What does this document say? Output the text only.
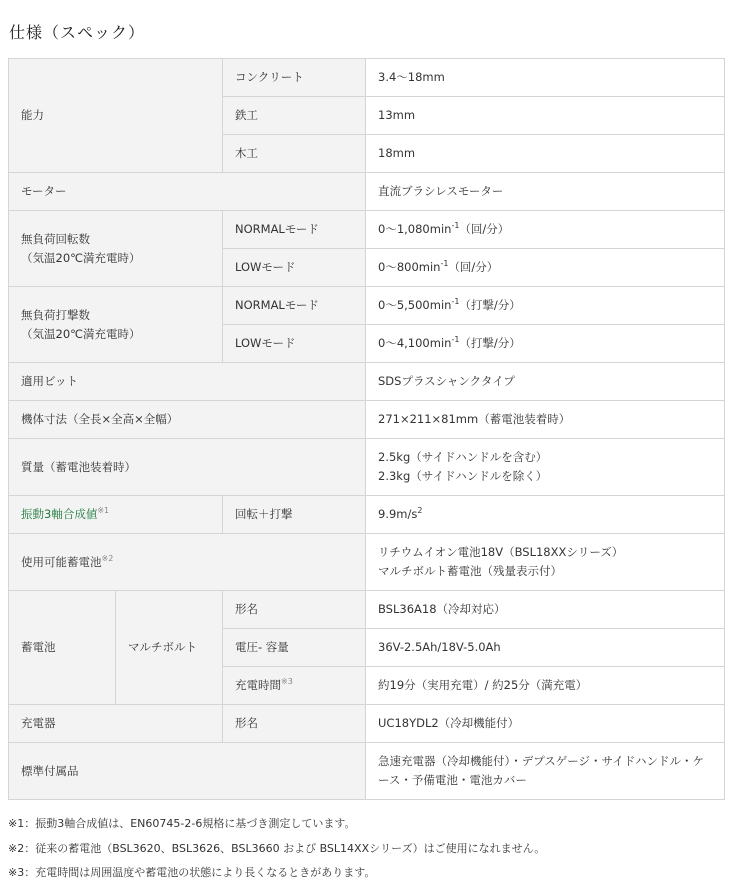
仕様（スペック）
能力		コンクリート	3.4～18mm
		鉄工	13mm
		木工	18mm
モーター			直流ブラシレスモーター

無負荷回転数
（気温20℃満充電時）		NORMALモード	$0\sim 1,080\min^{-1}$（回/分）
		LOWモード	$0\sim 800\min^{-1}$（回/分）

無負荷打撃数
（気温20℃満充電時）		NORMALモード	$0\sim 5,500\min^{-1}$（打撃/分）
		LOWモード	$0\sim 4,100\min^{-1}$（打撃/分）
適用ビット			SDSプラスシャンクタイプ
機体寸法（全長×全高×全幅）			271×211×81mm（蓄電池装着時）
質量（蓄電池装着時）			2.5kg（サイドハンドルを含む）
2.3kg（サイドハンドルを除く）

振動3軸合成値$^{※1}$		回転＋打撃	$9.9m/s^2$
使用可能蓄電池$^{※2}$			リチウムイオン電池18V（BSL18XXシリーズ）
マルチボルト蓄電池（残量表示付）

蓄電池	マルチボルト	形名	BSL36A18（冷却対応）
		電圧- 容量	36V-2.5Ah/18V-5.0Ah
		充電時間$^{※3}$	約19分（実用充電）/ 約25分（満充電）
充電器		形名	UC18YDL2（冷却機能付）
標準付属品			急速充電器（冷却機能付）・デプスゲージ・サイドハンドル・ケ
ース・予備電池・電池カバー

※1：振動3軸合成値は、EN60745-2-6規格に基づき測定しています。

※2：従来の蓄電池（BSL3620、BSL3626、BSL3660 および BSL14XXシリーズ）はご使用になれません。

※3：充電時間は周囲温度や蓄電池の状態により長くなるときがあります。
